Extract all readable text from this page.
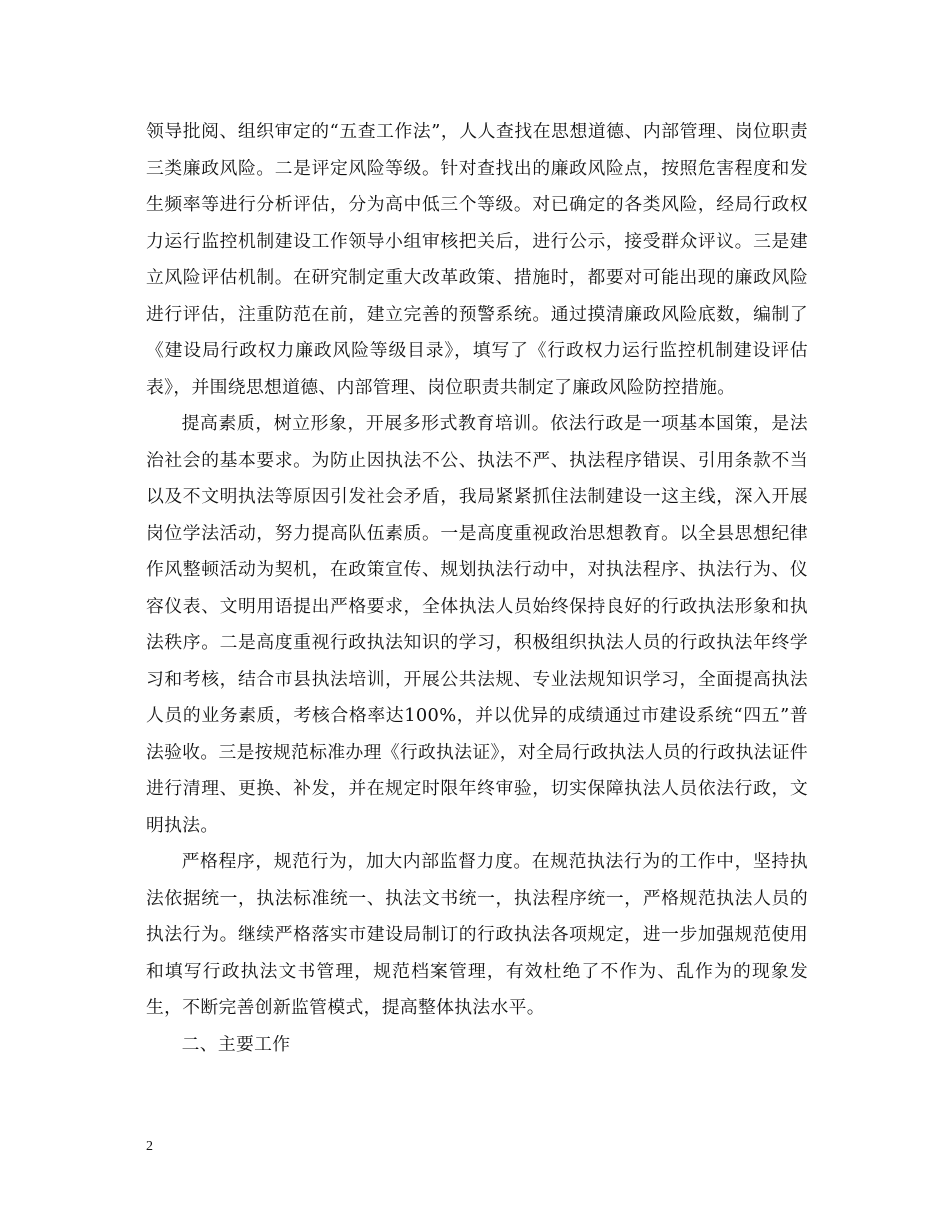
领导批阅、组织审定的“五查工作法”，人人查找在思想道德、内部管理、岗位职责三类廉政风险。二是评定风险等级。针对查找出的廉政风险点，按照危害程度和发生频率等进行分析评估，分为高中低三个等级。对已确定的各类风险，经局行政权力运行监控机制建设工作领导小组审核把关后，进行公示，接受群众评议。三是建立风险评估机制。在研究制定重大改革政策、措施时，都要对可能出现的廉政风险进行评估，注重防范在前，建立完善的预警系统。通过摸清廉政风险底数，编制了《建设局行政权力廉政风险等级目录》，填写了《行政权力运行监控机制建设评估表》，并围绕思想道德、内部管理、岗位职责共制定了廉政风险防控措施。

提高素质，树立形象，开展多形式教育培训。依法行政是一项基本国策，是法治社会的基本要求。为防止因执法不公、执法不严、执法程序错误、引用条款不当以及不文明执法等原因引发社会矛盾，我局紧紧抓住法制建设一这主线，深入开展岗位学法活动，努力提高队伍素质。一是高度重视政治思想教育。以全县思想纪律作风整顿活动为契机，在政策宣传、规划执法行动中，对执法程序、执法行为、仪容仪表、文明用语提出严格要求，全体执法人员始终保持良好的行政执法形象和执法秩序。二是高度重视行政执法知识的学习，积极组织执法人员的行政执法年终学习和考核，结合市县执法培训，开展公共法规、专业法规知识学习，全面提高执法人员的业务素质，考核合格率达100%，并以优异的成绩通过市建设系统“四五”普法验收。三是按规范标准办理《行政执法证》，对全局行政执法人员的行政执法证件进行清理、更换、补发，并在规定时限年终审验，切实保障执法人员依法行政，文明执法。

严格程序，规范行为，加大内部监督力度。在规范执法行为的工作中，坚持执法依据统一，执法标准统一、执法文书统一，执法程序统一，严格规范执法人员的执法行为。继续严格落实市建设局制订的行政执法各项规定，进一步加强规范使用和填写行政执法文书管理，规范档案管理，有效杜绝了不作为、乱作为的现象发生，不断完善创新监管模式，提高整体执法水平。

二、主要工作

2
